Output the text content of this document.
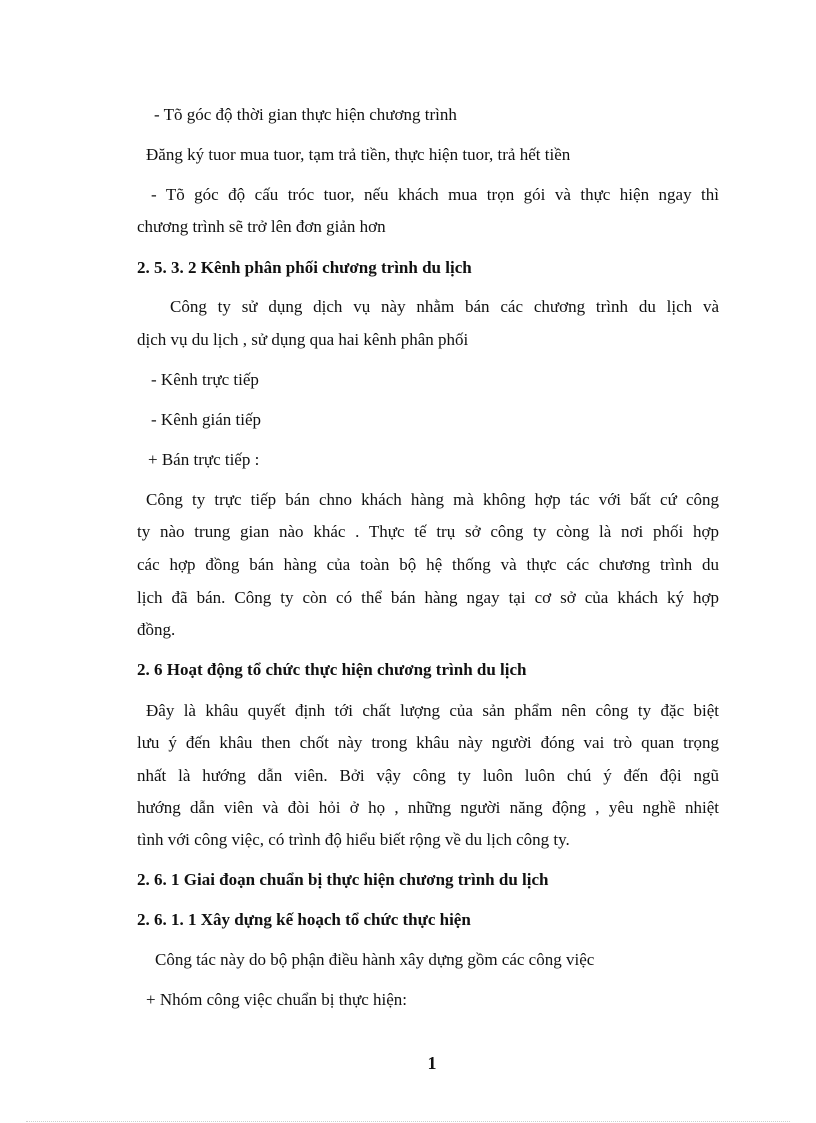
- Tõ góc độ thời gian thực hiện chương trình
Đăng ký tuor mua tuor, tạm trả tiền, thực hiện tuor, trả hết tiền
- Tõ góc độ cấu tróc tuor, nếu khách mua trọn gói và thực hiện ngay thì
chương trình sẽ trở lên đơn giản hơn
2. 5. 3. 2 Kênh phân phối chương trình du lịch
Công ty sử dụng dịch vụ này nhằm bán các chương trình du lịch và
dịch vụ du lịch , sử dụng qua hai kênh phân phối
- Kênh trực tiếp
- Kênh gián tiếp
+ Bán trực tiếp :
Công ty trực tiếp bán chno khách hàng mà không hợp tác với bất cứ công
ty nào trung gian nào khác . Thực tế trụ sở công ty còng là nơi phối hợp
các hợp đồng bán hàng của toàn bộ hệ thống và thực các chương trình du
lịch đã bán. Công ty còn có thể bán hàng ngay tại cơ sở của khách ký hợp
đồng.
2. 6 Hoạt động tổ chức thực hiện chương trình du lịch
Đây là khâu quyết định tới chất lượng của sản phẩm nên công ty đặc biệt
lưu ý đến khâu then chốt này trong khâu này người đóng vai trò quan trọng
nhất là hướng dẫn viên. Bởi vậy công ty luôn luôn chú ý đến đội ngũ
hướng dẫn viên và đòi hỏi ở họ , những người năng động , yêu nghề nhiệt
tình với công việc, có trình độ hiểu biết rộng về du lịch công ty.
2. 6. 1 Giai đoạn chuẩn bị thực hiện chương trình du lịch
2. 6. 1. 1 Xây dựng kế hoạch tổ chức thực hiện
Công tác này do bộ phận điều hành xây dựng gồm các công việc
+ Nhóm công việc chuẩn bị thực hiện:
1
